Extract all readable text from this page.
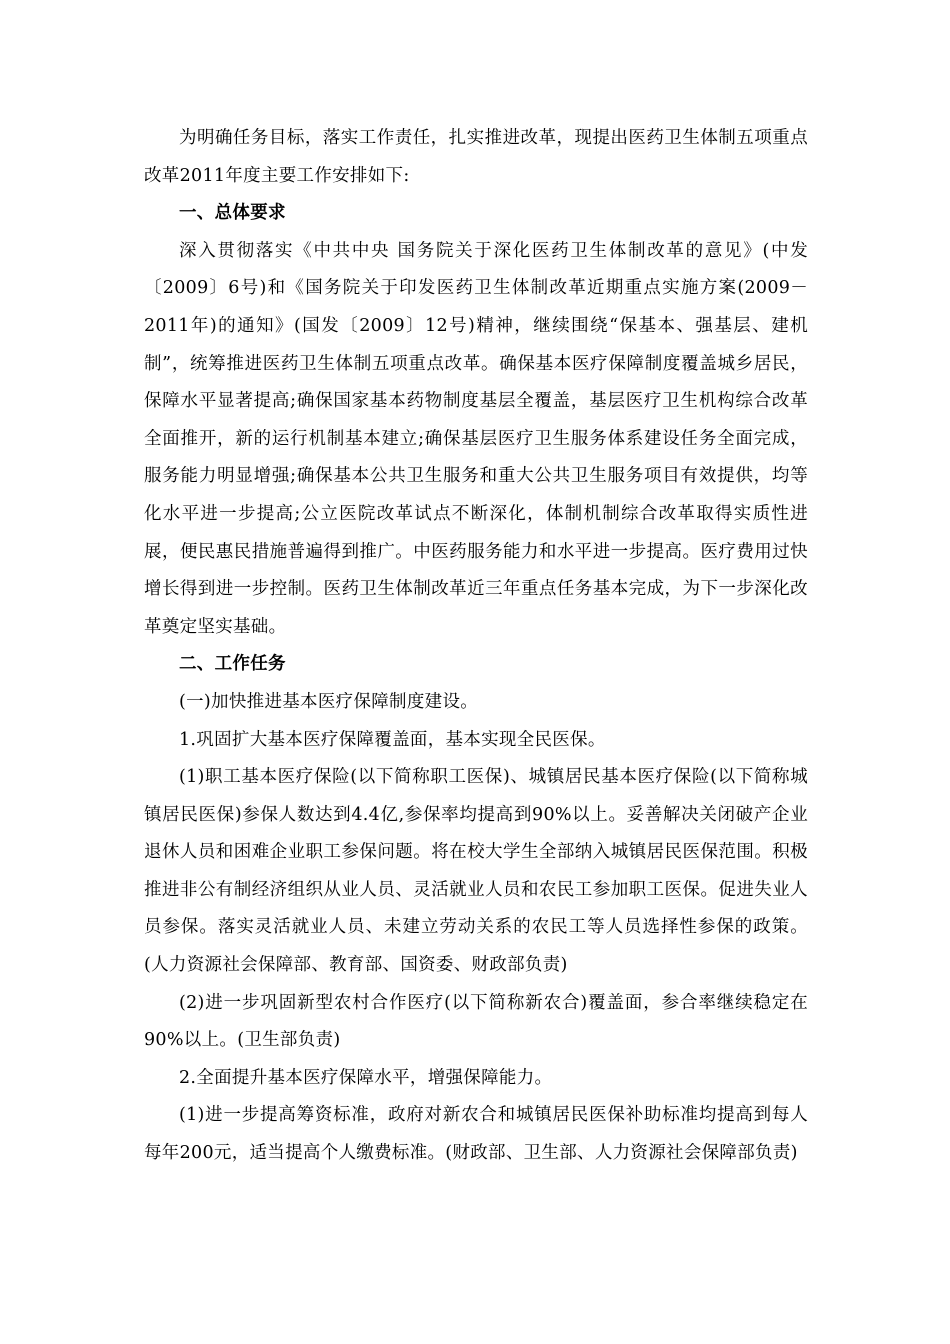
为明确任务目标，落实工作责任，扎实推进改革，现提出医药卫生体制五项重点改革2011年度主要工作安排如下:

一、总体要求

深入贯彻落实《中共中央 国务院关于深化医药卫生体制改革的意见》(中发〔2009〕6号)和《国务院关于印发医药卫生体制改革近期重点实施方案(2009－2011年)的通知》(国发〔2009〕12号)精神，继续围绕“保基本、强基层、建机制”，统筹推进医药卫生体制五项重点改革。确保基本医疗保障制度覆盖城乡居民，保障水平显著提高;确保国家基本药物制度基层全覆盖，基层医疗卫生机构综合改革全面推开，新的运行机制基本建立;确保基层医疗卫生服务体系建设任务全面完成，服务能力明显增强;确保基本公共卫生服务和重大公共卫生服务项目有效提供，均等化水平进一步提高;公立医院改革试点不断深化，体制机制综合改革取得实质性进展，便民惠民措施普遍得到推广。中医药服务能力和水平进一步提高。医疗费用过快增长得到进一步控制。医药卫生体制改革近三年重点任务基本完成，为下一步深化改革奠定坚实基础。

二、工作任务

(一)加快推进基本医疗保障制度建设。

1.巩固扩大基本医疗保障覆盖面，基本实现全民医保。

(1)职工基本医疗保险(以下简称职工医保)、城镇居民基本医疗保险(以下简称城镇居民医保)参保人数达到4.4亿,参保率均提高到90%以上。妥善解决关闭破产企业退休人员和困难企业职工参保问题。将在校大学生全部纳入城镇居民医保范围。积极推进非公有制经济组织从业人员、灵活就业人员和农民工参加职工医保。促进失业人员参保。落实灵活就业人员、未建立劳动关系的农民工等人员选择性参保的政策。(人力资源社会保障部、教育部、国资委、财政部负责)

(2)进一步巩固新型农村合作医疗(以下简称新农合)覆盖面，参合率继续稳定在90%以上。(卫生部负责)

2.全面提升基本医疗保障水平，增强保障能力。

(1)进一步提高筹资标准，政府对新农合和城镇居民医保补助标准均提高到每人每年200元，适当提高个人缴费标准。(财政部、卫生部、人力资源社会保障部负责)
